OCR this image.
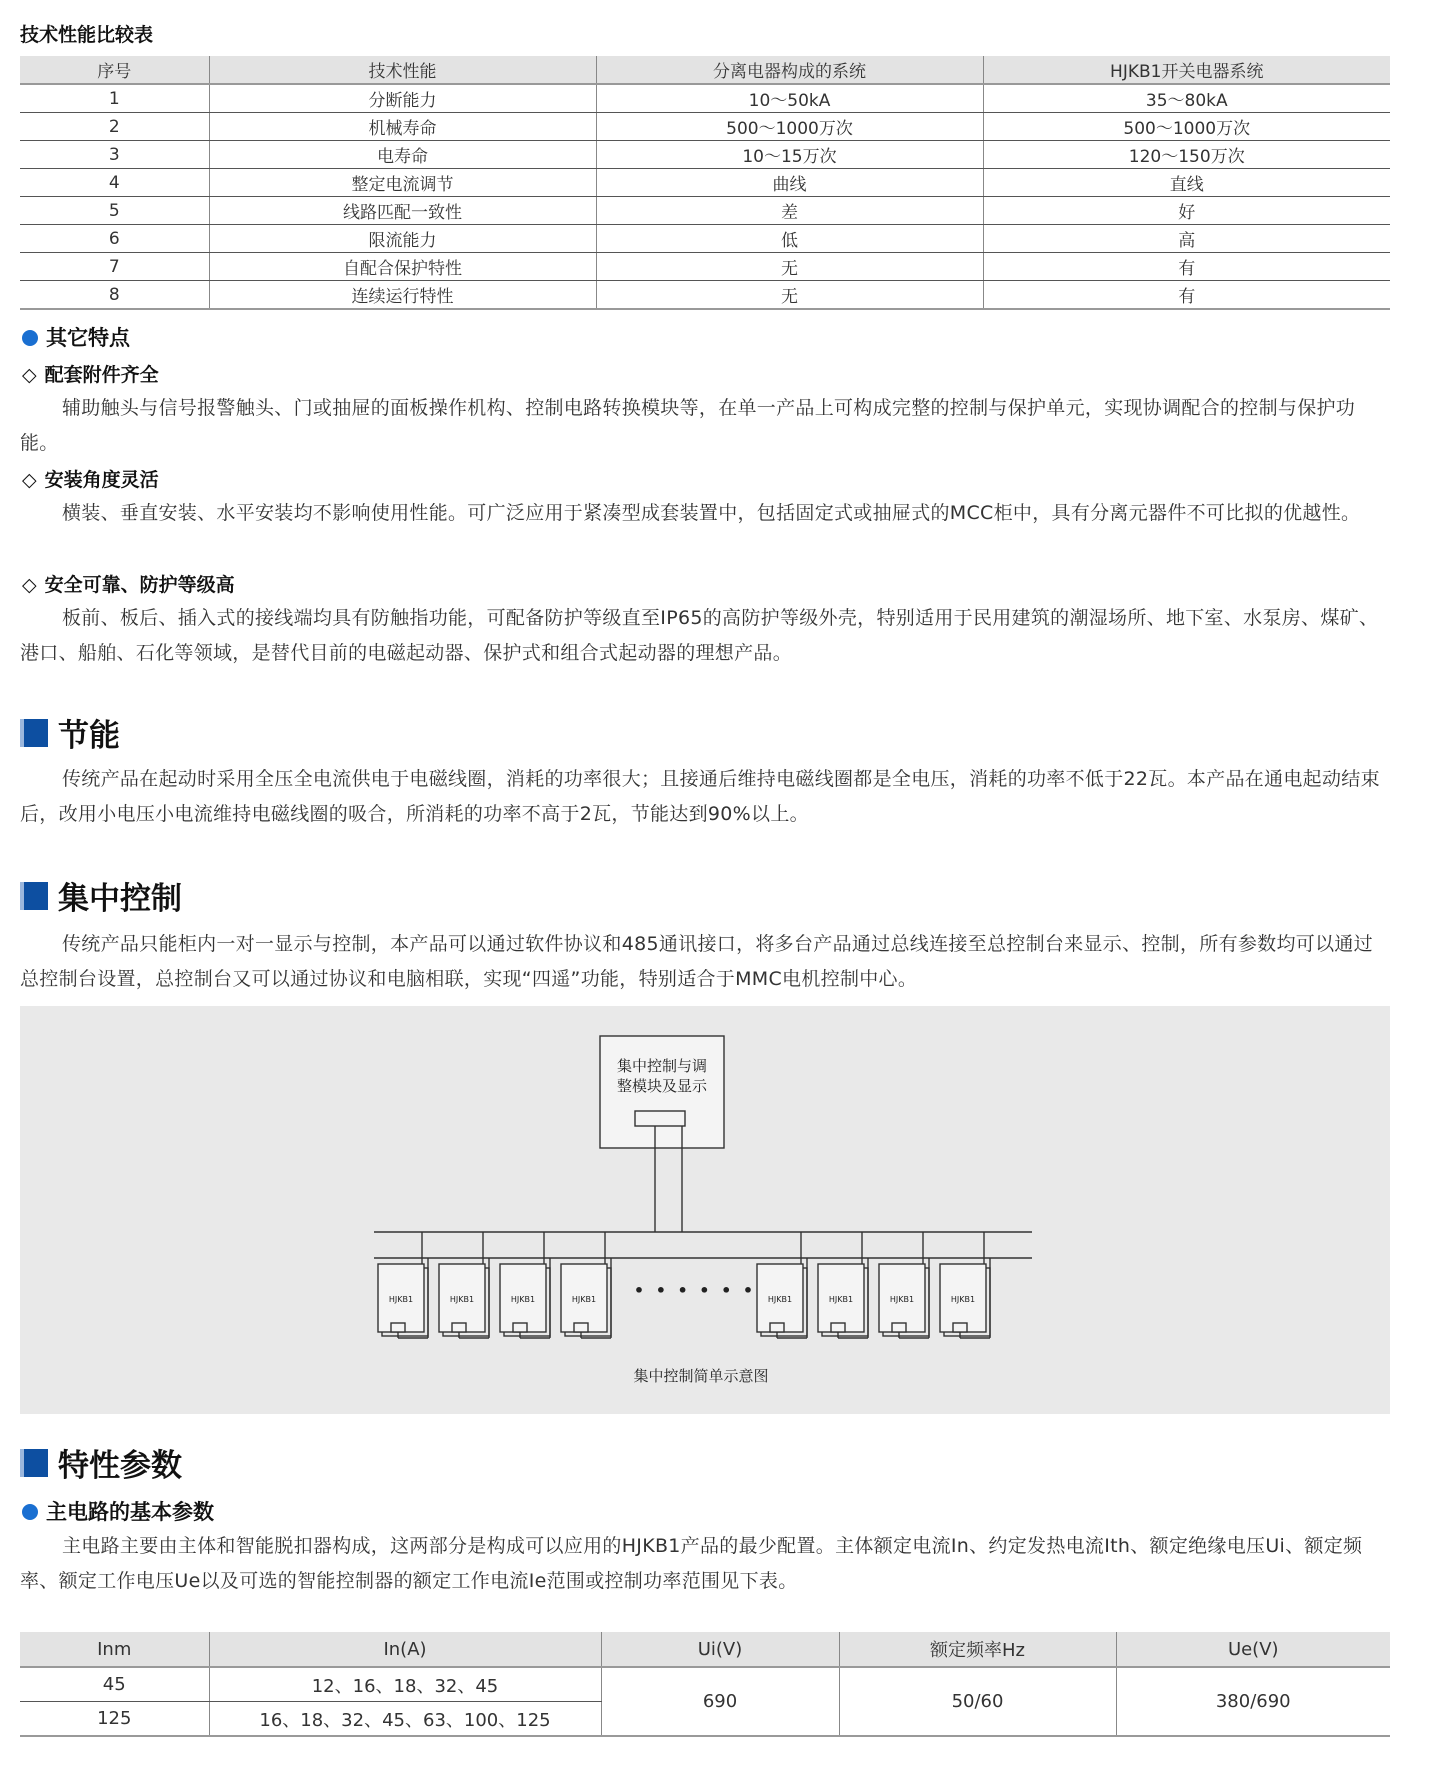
技术性能比较表
序号	技术性能	分离电器构成的系统	HJKB1开关电器系统
1	分断能力	10～50kA	35～80kA
2	机械寿命	500～1000万次	500～1000万次
3	电寿命	10～15万次	120～150万次
4	整定电流调节	曲线	直线
5	线路匹配一致性	差	好
6	限流能力	低	高
7	自配合保护特性	无	有
8	连续运行特性	无	有
其它特点
◇ 配套附件齐全

辅助触头与信号报警触头、门或抽屉的面板操作机构、控制电路转换模块等，在单一产品上可构成完整的控制与保护单元，实现协调配合的控制与保护功能。

◇ 安装角度灵活

横装、垂直安装、水平安装均不影响使用性能。可广泛应用于紧凑型成套装置中，包括固定式或抽屉式的MCC柜中，具有分离元器件不可比拟的优越性。

◇ 安全可靠、防护等级高

板前、板后、插入式的接线端均具有防触指功能，可配备防护等级直至IP65的高防护等级外壳，特别适用于民用建筑的潮湿场所、地下室、水泵房、煤矿、港口、船舶、石化等领域，是替代目前的电磁起动器、保护式和组合式起动器的理想产品。

节能

传统产品在起动时采用全压全电流供电于电磁线圈，消耗的功率很大；且接通后维持电磁线圈都是全电压，消耗的功率不低于22瓦。本产品在通电起动结束后，改用小电压小电流维持电磁线圈的吸合，所消耗的功率不高于2瓦，节能达到90%以上。

集中控制

传统产品只能柜内一对一显示与控制，本产品可以通过软件协议和485通讯接口，将多台产品通过总线连接至总控制台来显示、控制，所有参数均可以通过总控制台设置，总控制台又可以通过协议和电脑相联，实现“四遥”功能，特别适合于MMC电机控制中心。

集中控制与调
整模块及显示
• • • • • •
HJKB1	HJKB1	HJKB1	HJKB1	HJKB1	HJKB1	HJKB1	HJKB1
集中控制简单示意图
特性参数
主电路的基本参数

主电路主要由主体和智能脱扣器构成，这两部分是构成可以应用的HJKB1产品的最少配置。主体额定电流In、约定发热电流Ith、额定绝缘电压Ui、额定频率、额定工作电压Ue以及可选的智能控制器的额定工作电流Ie范围或控制功率范围见下表。

Inm	In(A)	Ui(V)	额定频率Hz	Ue(V)
45	12、16、18、32、45	690	50/60	380/690
125	16、18、32、45、63、100、125			
